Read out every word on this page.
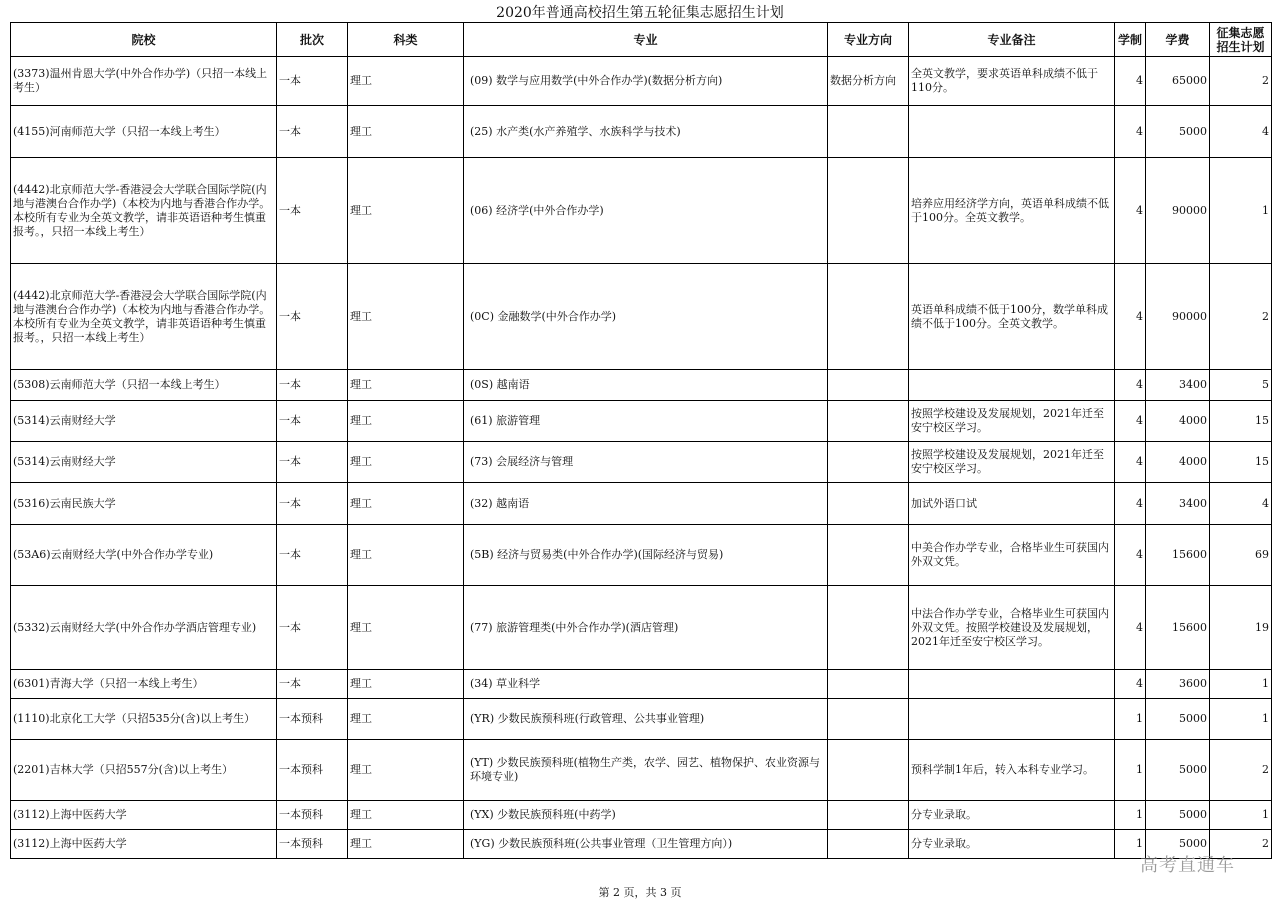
2020年普通高校招生第五轮征集志愿招生计划
院校	批次	科类	专业	专业方向	专业备注	学制	学费	征集志愿招生计划
(3373)温州肯恩大学(中外合作办学)（只招一本线上考生）	一本	理工	(09) 数学与应用数学(中外合作办学)(数据分析方向)	数据分析方向	全英文教学，要求英语单科成绩不低于110分。	4	65000	2
(4155)河南师范大学（只招一本线上考生）	一本	理工	(25) 水产类(水产养殖学、水族科学与技术)			4	5000	4
(4442)北京师范大学-香港浸会大学联合国际学院(内地与港澳台合作办学)（本校为内地与香港合作办学。本校所有专业为全英文教学，请非英语语种考生慎重报考。，只招一本线上考生）	一本	理工	(06) 经济学(中外合作办学)		培养应用经济学方向，英语单科成绩不低于100分。全英文教学。	4	90000	1
(4442)北京师范大学-香港浸会大学联合国际学院(内地与港澳台合作办学)（本校为内地与香港合作办学。本校所有专业为全英文教学，请非英语语种考生慎重报考。，只招一本线上考生）	一本	理工	(0C) 金融数学(中外合作办学)		英语单科成绩不低于100分，数学单科成绩不低于100分。全英文教学。	4	90000	2
(5308)云南师范大学（只招一本线上考生）	一本	理工	(0S) 越南语			4	3400	5
(5314)云南财经大学	一本	理工	(61) 旅游管理		按照学校建设及发展规划，2021年迁至安宁校区学习。	4	4000	15
(5314)云南财经大学	一本	理工	(73) 会展经济与管理		按照学校建设及发展规划，2021年迁至安宁校区学习。	4	4000	15
(5316)云南民族大学	一本	理工	(32) 越南语		加试外语口试	4	3400	4
(53A6)云南财经大学(中外合作办学专业)	一本	理工	(5B) 经济与贸易类(中外合作办学)(国际经济与贸易)		中美合作办学专业，合格毕业生可获国内外双文凭。	4	15600	69
(5332)云南财经大学(中外合作办学酒店管理专业)	一本	理工	(77) 旅游管理类(中外合作办学)(酒店管理)		中法合作办学专业，合格毕业生可获国内外双文凭。按照学校建设及发展规划，2021年迁至安宁校区学习。	4	15600	19
(6301)青海大学（只招一本线上考生）	一本	理工	(34) 草业科学			4	3600	1
(1110)北京化工大学（只招535分(含)以上考生）	一本预科	理工	(YR) 少数民族预科班(行政管理、公共事业管理)			1	5000	1
(2201)吉林大学（只招557分(含)以上考生）	一本预科	理工	(YT) 少数民族预科班(植物生产类，农学、园艺、植物保护、农业资源与环境专业)		预科学制1年后，转入本科专业学习。	1	5000	2
(3112)上海中医药大学	一本预科	理工	(YX) 少数民族预科班(中药学)		分专业录取。	1	5000	1
(3112)上海中医药大学	一本预科	理工	(YG) 少数民族预科班(公共事业管理（卫生管理方向）)		分专业录取。	1	5000	2
第 2 页，共 3 页
高考直通车
